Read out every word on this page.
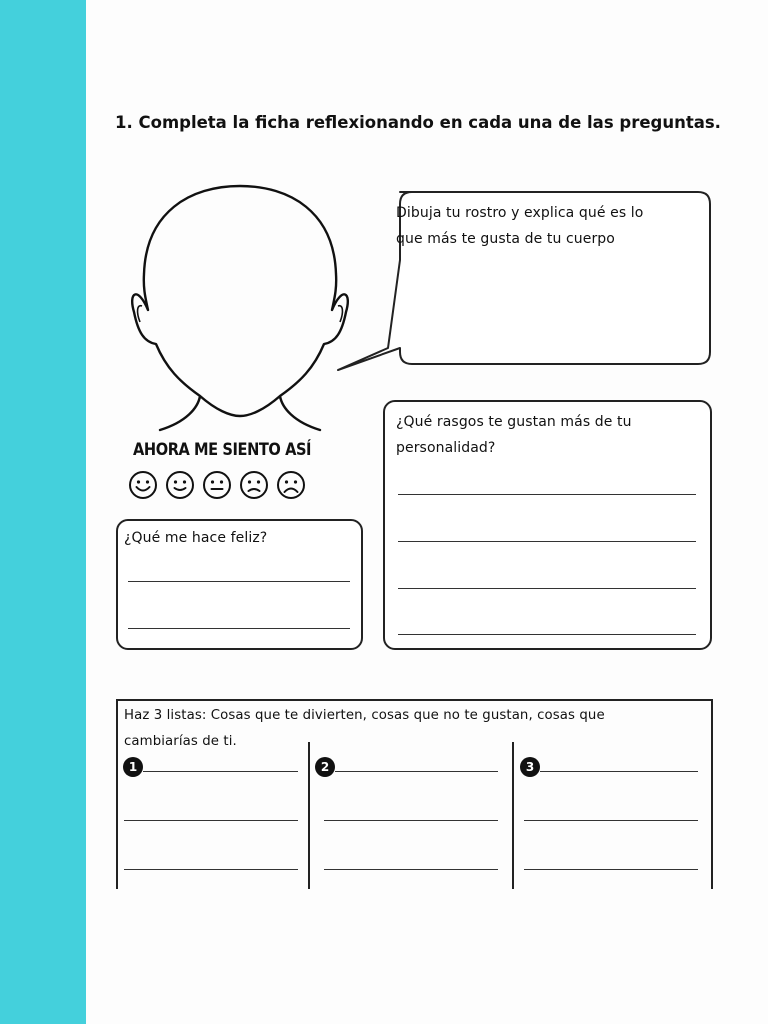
1. Completa la ficha reflexionando en cada una de las preguntas.
AHORA ME SIENTO ASÍ
Dibuja tu rostro y explica qué es lo
que más te gusta de tu cuerpo
¿Qué rasgos te gustan más de tu
personalidad?
¿Qué me hace feliz?
Haz 3 listas: Cosas que te divierten, cosas que no te gustan, cosas que
cambiarías de ti.
1	2	3
